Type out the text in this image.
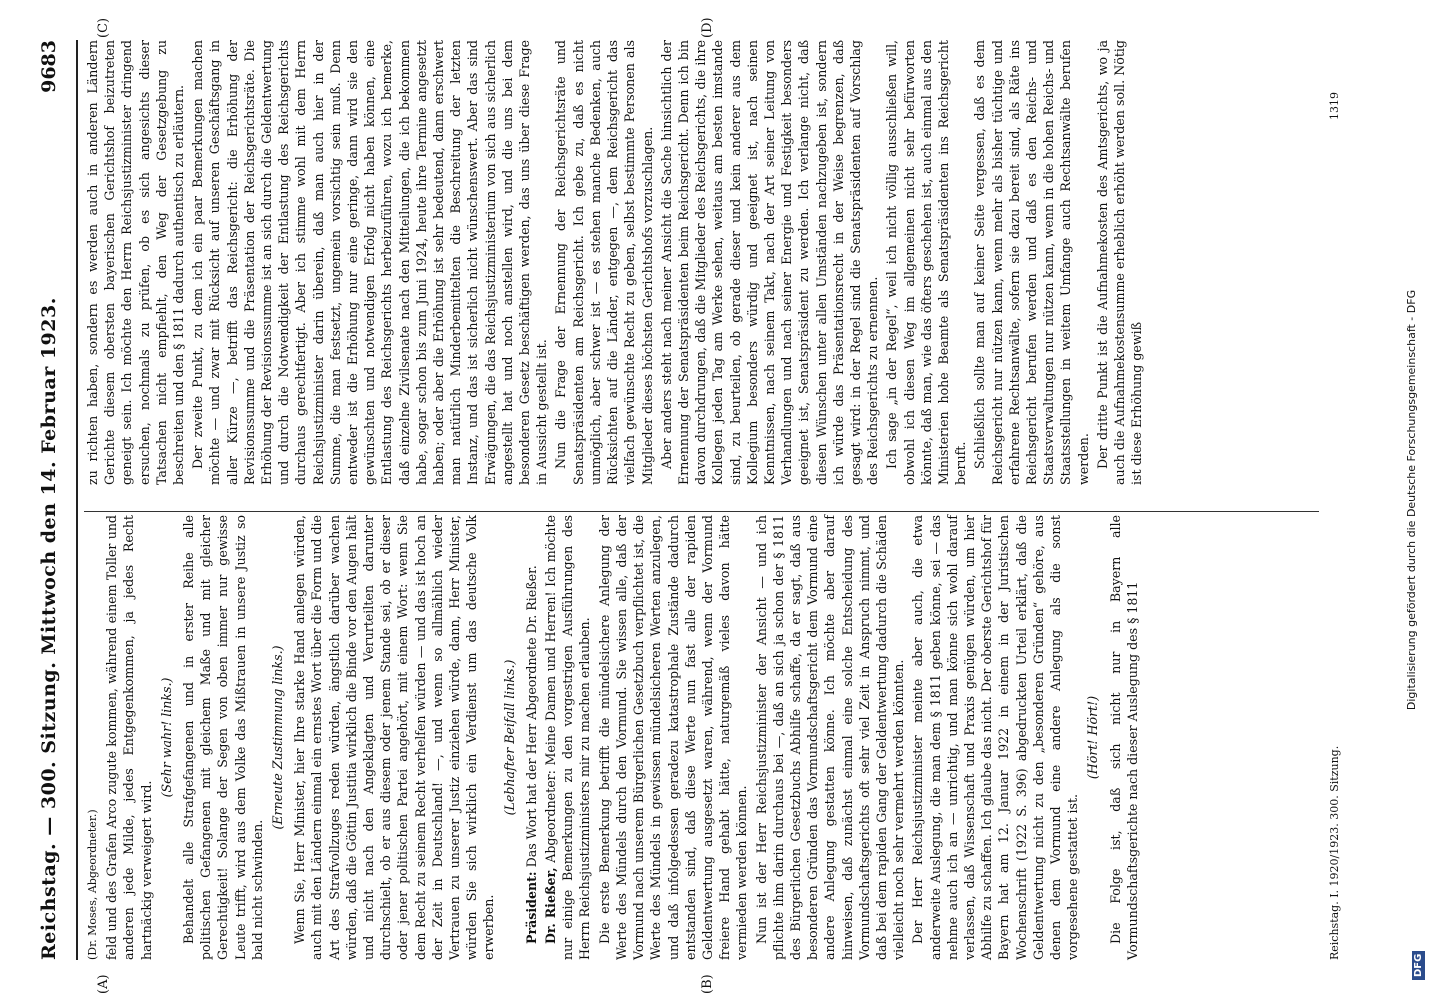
Reichstag. — 300. Sitzung. Mittwoch den 14. Februar 1923.
9683
(A)	(B)
(C)	(D)

(Dr. Moses, Abgeordneter.) feld und des Grafen Arco zugute kommen, während einem Toller und anderen jede Milde, jedes Entgegenkommen, ja jedes Recht hartnäckig verweigert wird.

(Sehr wahr! links.) Behandelt alle Strafgefangenen und in erster Reihe alle politischen Gefangenen mit gleichem Maße und mit gleicher Gerechtigkeit! Solange der Segen von oben immer nur gewisse Leute trifft, wird aus dem Volke das Mißtrauen in unsere Justiz so bald nicht schwinden.

(Erneute Zustimmung links.) Wenn Sie, Herr Minister, hier Ihre starke Hand anlegen würden, auch mit den Ländern einmal ein ernstes Wort über die Form und die Art des Strafvollzuges reden würden, ängstlich darüber wachen würden, daß die Göttin Justitia wirklich die Binde vor den Augen hält und nicht nach den Angeklagten und Verurteilten darunter durchschielt, ob er aus diesem oder jenem Stande sei, ob er dieser oder jener politischen Partei angehört, mit einem Wort: wenn Sie dem Recht zu seinem Recht verhelfen würden — und das ist hoch an der Zeit in Deutschland! —, und wenn so allmählich wieder Vertrauen zu unserer Justiz einziehen würde, dann, Herr Minister, würden Sie sich wirklich ein Verdienst um das deutsche Volk erwerben.

(Lebhafter Beifall links.)

Präsident: Das Wort hat der Herr Abgeordnete Dr. Rießer.

Dr. Rießer, Abgeordneter: Meine Damen und Herren! Ich möchte nur einige Bemerkungen zu den vorgestrigen Ausführungen des Herrn Reichsjustizministers mir zu machen erlauben. Die erste Bemerkung betrifft die mündelsichere Anlegung der Werte des Mündels durch den Vormund. Sie wissen alle, daß der Vormund nach unserem Bürgerlichen Gesetzbuch verpflichtet ist, die Werte des Mündels in gewissen mündelsicheren Werten anzulegen, und daß infolgedessen geradezu katastrophale Zustände dadurch entstanden sind, daß diese Werte nun fast alle der rapiden Geldentwertung ausgesetzt waren, während, wenn der Vormund freiere Hand gehabt hätte, naturgemäß vieles davon hätte vermieden werden können. Nun ist der Herr Reichsjustizminister der Ansicht — und ich pflichte ihm darin durchaus bei —, daß an sich ja schon der § 1811 des Bürgerlichen Gesetzbuchs Abhilfe schaffe, da er sagt, daß aus besonderen Gründen das Vormundschaftsgericht dem Vormund eine andere Anlegung gestatten könne. Ich möchte aber darauf hinweisen, daß zunächst einmal eine solche Entscheidung des Vormundschaftsgerichts oft sehr viel Zeit in Anspruch nimmt, und daß bei dem rapiden Gang der Geldentwertung dadurch die Schäden vielleicht noch sehr vermehrt werden könnten. Der Herr Reichsjustizminister meinte aber auch, die etwa anderweite Auslegung, die man dem § 1811 geben könne, sei — das nehme auch ich an — unrichtig, und man könne sich wohl darauf verlassen, daß Wissenschaft und Praxis genügen würden, um hier Abhilfe zu schaffen. Ich glaube das nicht. Der oberste Gerichtshof für Bayern hat am 12. Januar 1922 in einem in der Juristischen Wochenschrift (1922 S. 396) abgedruckten Urteil erklärt, daß die Geldentwertung nicht zu den „besonderen Gründen“ gehöre, aus denen dem Vormund eine andere Anlegung als die sonst vorgesehene gestattet ist.

(Hört! Hört!) Die Folge ist, daß sich nicht nur in Bayern alle Vormundschaftsgerichte nach dieser Auslegung des § 1811

zu richten haben, sondern es werden auch in anderen Ländern Gerichte diesem obersten bayerischen Gerichtshof beizutreten geneigt sein. Ich möchte den Herrn Reichsjustizminister dringend ersuchen, nochmals zu prüfen, ob es sich angesichts dieser Tatsachen nicht empfiehlt, den Weg der Gesetzgebung zu beschreiten und den § 1811 dadurch authentisch zu erläutern. Der zweite Punkt, zu dem ich ein paar Bemerkungen machen möchte — und zwar mit Rücksicht auf unseren Geschäftsgang in aller Kürze —, betrifft das Reichsgericht: die Erhöhung der Revisionssumme und die Präsentation der Reichsgerichtsräte. Die Erhöhung der Revisionssumme ist an sich durch die Geldentwertung und durch die Notwendigkeit der Entlastung des Reichsgerichts durchaus gerechtfertigt. Aber ich stimme wohl mit dem Herrn Reichsjustizminister darin überein, daß man auch hier in der Summe, die man festsetzt, ungemein vorsichtig sein muß. Denn entweder ist die Erhöhung nur eine geringe, dann wird sie den gewünschten und notwendigen Erfolg nicht haben können, eine Entlastung des Reichsgerichts herbeizuführen, wozu ich bemerke, daß einzelne Zivilsenate nach den Mitteilungen, die ich bekommen habe, sogar schon bis zum Juni 1924, heute ihre Termine angesetzt haben; oder aber die Erhöhung ist sehr bedeutend, dann erschwert man natürlich Minderbemittelten die Beschreitung der letzten Instanz, und das ist sicherlich nicht wünschenswert. Aber das sind Erwägungen, die das Reichsjustizministerium von sich aus sicherlich angestellt hat und noch anstellen wird, und die uns bei dem besonderen Gesetz beschäftigen werden, das uns über diese Frage in Aussicht gestellt ist. Nun die Frage der Ernennung der Reichsgerichtsräte und Senatspräsidenten am Reichsgericht. Ich gebe zu, daß es nicht unmöglich, aber schwer ist — es stehen manche Bedenken, auch Rücksichten auf die Länder, entgegen —, dem Reichsgericht das vielfach gewünschte Recht zu geben, selbst bestimmte Personen als Mitglieder dieses höchsten Gerichtshofs vorzuschlagen. Aber anders steht nach meiner Ansicht die Sache hinsichtlich der Ernennung der Senatspräsidenten beim Reichsgericht. Denn ich bin davon durchdrungen, daß die Mitglieder des Reichsgerichts, die ihre Kollegen jeden Tag am Werke sehen, weitaus am besten imstande sind, zu beurteilen, ob gerade dieser und kein anderer aus dem Kollegium besonders würdig und geeignet ist, nach seinen Kenntnissen, nach seinem Takt, nach der Art seiner Leitung von Verhandlungen und nach seiner Energie und Festigkeit besonders geeignet ist, Senatspräsident zu werden. Ich verlange nicht, daß diesen Wünschen unter allen Umständen nachzugeben ist, sondern ich würde das Präsentationsrecht in der Weise begrenzen, daß gesagt wird: in der Regel sind die Senatspräsidenten auf Vorschlag des Reichsgerichts zu ernennen. Ich sage „in der Regel“, weil ich nicht völlig ausschließen will, obwohl ich diesen Weg im allgemeinen nicht sehr befürworten könnte, daß man, wie das öfters geschehen ist, auch einmal aus den Ministerien hohe Beamte als Senatspräsidenten ins Reichsgericht beruft. Schließlich sollte man auf keiner Seite vergessen, daß es dem Reichsgericht nur nützen kann, wenn mehr als bisher tüchtige und erfahrene Rechtsanwälte, sofern sie dazu bereit sind, als Räte ins Reichsgericht berufen werden und daß es den Reichs- und Staatsverwaltungen nur nützen kann, wenn in die hohen Reichs- und Staatsstellungen in weitem Umfange auch Rechtsanwälte berufen werden. Der dritte Punkt ist die Aufnahmekosten des Amtsgerichts, wo ja auch die Aufnahmekostensumme erheblich erhöht werden soll. Nötig ist diese Erhöhung gewiß

Reichstag. I. 1920/1923. 300. Sitzung.
1319
Digitalisierung gefördert durch die Deutsche Forschungsgemeinschaft - DFG
DFG
